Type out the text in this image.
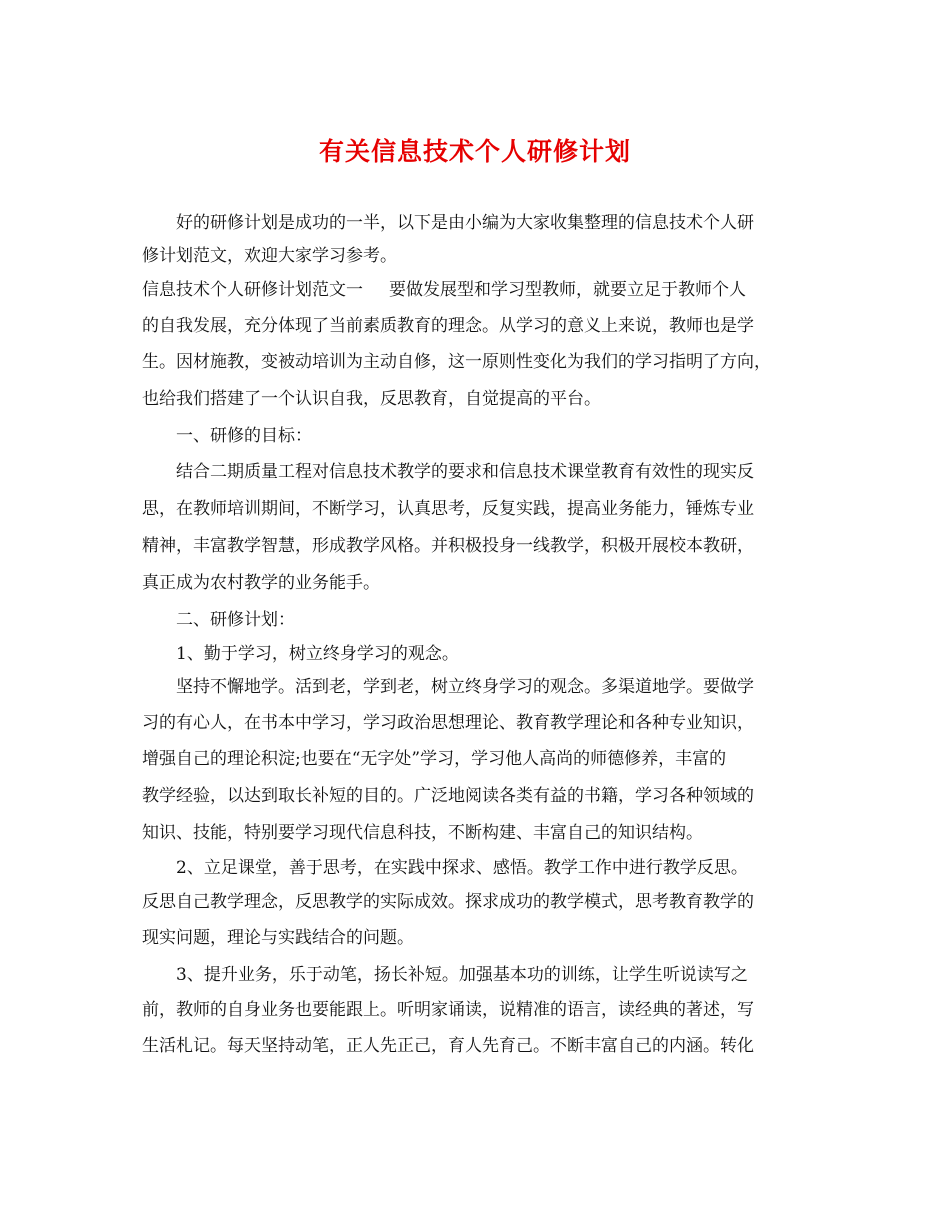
有关信息技术个人研修计划
好的研修计划是成功的一半，以下是由小编为大家收集整理的信息技术个人研
修计划范文，欢迎大家学习参考。
信息技术个人研修计划范文一 要做发展型和学习型教师，就要立足于教师个人
的自我发展，充分体现了当前素质教育的理念。从学习的意义上来说，教师也是学
生。因材施教，变被动培训为主动自修，这一原则性变化为我们的学习指明了方向，
也给我们搭建了一个认识自我，反思教育，自觉提高的平台。
一、研修的目标：
结合二期质量工程对信息技术教学的要求和信息技术课堂教育有效性的现实反
思，在教师培训期间，不断学习，认真思考，反复实践，提高业务能力，锤炼专业
精神，丰富教学智慧，形成教学风格。并积极投身一线教学，积极开展校本教研，
真正成为农村教学的业务能手。
二、研修计划：
1、勤于学习，树立终身学习的观念。
坚持不懈地学。活到老，学到老，树立终身学习的观念。多渠道地学。要做学
习的有心人，在书本中学习，学习政治思想理论、教育教学理论和各种专业知识，
增强自己的理论积淀;也要在“无字处”学习，学习他人高尚的师德修养，丰富的
教学经验，以达到取长补短的目的。广泛地阅读各类有益的书籍，学习各种领域的
知识、技能，特别要学习现代信息科技，不断构建、丰富自己的知识结构。
2、立足课堂，善于思考，在实践中探求、感悟。教学工作中进行教学反思。
反思自己教学理念，反思教学的实际成效。探求成功的教学模式，思考教育教学的
现实问题，理论与实践结合的问题。
3、提升业务，乐于动笔，扬长补短。加强基本功的训练，让学生听说读写之
前，教师的自身业务也要能跟上。听明家诵读，说精准的语言，读经典的著述，写
生活札记。每天坚持动笔，正人先正己，育人先育己。不断丰富自己的内涵。转化
